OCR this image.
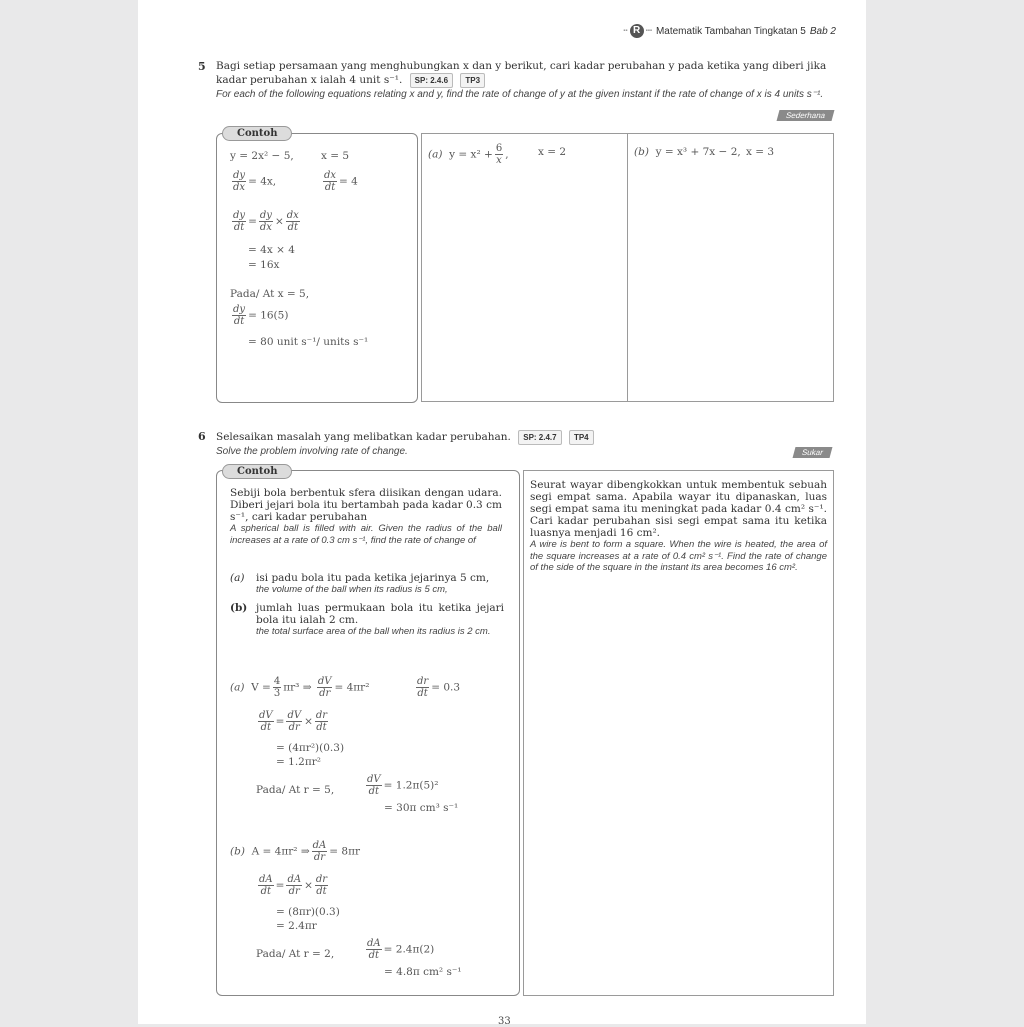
▪▪ R ▪▪▪ Matematik Tambahan Tingkatan 5 Bab 2
5 Bagi setiap persamaan yang menghubungkan x dan y berikut, cari kadar perubahan y pada ketika yang diberi jika kadar perubahan x ialah 4 unit s⁻¹. SP: 2.4.6 TP3
For each of the following equations relating x and y, find the rate of change of y at the given instant if the rate of change of x is 4 units s⁻¹.
Sederhana
Contoh
y = 2x² − 5,	x = 5
$\frac{dy}{dx} = 4x$,	$\frac{dx}{dt} = 4$
$\frac{dy}{dt} = \frac{dy}{dx} \times \frac{dx}{dt}$
= 4x × 4
= 16x
Pada/ At x = 5,
$\frac{dy}{dt} = 16(5)$
= 80 unit s⁻¹/ units s⁻¹
(a) $y = x^2 + \frac{6}{x}$ ,	x = 2	(b) y = x³ + 7x − 2, x = 3
6 Selesaikan masalah yang melibatkan kadar perubahan. SP: 2.4.7 TP4
Solve the problem involving rate of change.	Sukar
Contoh
Sebiji bola berbentuk sfera diisikan dengan udara. Diberi jejari bola itu bertambah pada kadar 0.3 cm s⁻¹, cari kadar perubahan
A spherical ball is filled with air. Given the radius of the ball increases at a rate of 0.3 cm s⁻¹, find the rate of change of
(a)	isi padu bola itu pada ketika jejarinya 5 cm,
the volume of the ball when its radius is 5 cm,
(b) jumlah luas permukaan bola itu ketika jejari bola itu ialah 2 cm.
the total surface area of the ball when its radius is 2 cm.
(a) $V = \frac{4}{3} \pi r^3$ ⇒ $\frac{dV}{dr} = 4\pi r^2$	$\frac{dr}{dt} = 0.3$
$\frac{dV}{dt} = \frac{dV}{dr} \times \frac{dr}{dt}$
= (4πr²)(0.3)
= 1.2πr²
Pada/ At r = 5,	$\frac{dV}{dt} = 1.2\pi(5)^2$
= 30π cm³ s⁻¹
(b) A = 4πr² ⇒ $\frac{dA}{dr} = 8\pi r$
$\frac{dA}{dt} = \frac{dA}{dr} \times \frac{dr}{dt}$
= (8πr)(0.3)
= 2.4πr
Pada/ At r = 2,	$\frac{dA}{dt} = 2.4\pi(2)$
= 4.8π cm² s⁻¹
Seurat wayar dibengkokkan untuk membentuk sebuah segi empat sama. Apabila wayar itu dipanaskan, luas segi empat sama itu meningkat pada kadar 0.4 cm² s⁻¹. Cari kadar perubahan sisi segi empat sama itu ketika luasnya menjadi 16 cm².
A wire is bent to form a square. When the wire is heated, the area of the square increases at a rate of 0.4 cm² s⁻¹. Find the rate of change of the side of the square in the instant its area becomes 16 cm².
33
